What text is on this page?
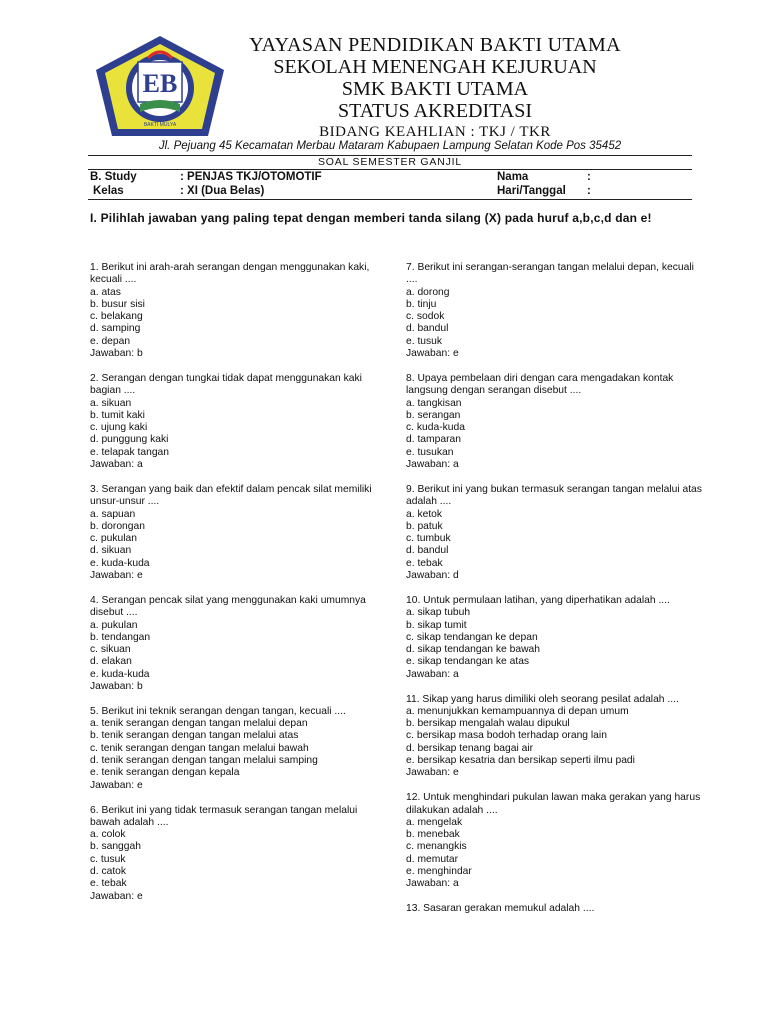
EB
BAKTI MULYA
YAYASAN PENDIDIKAN BAKTI UTAMA
SEKOLAH MENENGAH KEJURUAN
SMK BAKTI UTAMA
STATUS AKREDITASI
BIDANG KEAHLIAN : TKJ / TKR
Jl. Pejuang 45 Kecamatan Merbau Mataram Kabupaen Lampung Selatan Kode Pos 35452
SOAL SEMESTER GANJIL
B. Study	: PENJAS TKJ/OTOMOTIF	Nama	:
Kelas	: XI (Dua Belas)	Hari/Tanggal :
I. Pilihlah jawaban yang paling tepat dengan memberi tanda silang (X) pada huruf a,b,c,d dan e!
1. Berikut ini arah-arah serangan dengan menggunakan kaki, kecuali ....
a. atas
b. busur sisi
c. belakang
d. samping
e. depan
Jawaban: b
2. Serangan dengan tungkai tidak dapat menggunakan kaki bagian ....
a. sikuan
b. tumit kaki
c. ujung kaki
d. punggung kaki
e. telapak tangan
Jawaban: a
3. Serangan yang baik dan efektif dalam pencak silat memiliki unsur-unsur ....
a. sapuan
b. dorongan
c. pukulan
d. sikuan
e. kuda-kuda
Jawaban: e
4. Serangan pencak silat yang menggunakan kaki umumnya disebut ....
a. pukulan
b. tendangan
c. sikuan
d. elakan
e. kuda-kuda
Jawaban: b
5. Berikut ini teknik serangan dengan tangan, kecuali ....
a. tenik serangan dengan tangan melalui depan
b. tenik serangan dengan tangan melalui atas
c. tenik serangan dengan tangan melalui bawah
d. tenik serangan dengan tangan melalui samping
e. tenik serangan dengan kepala
Jawaban: e
6. Berikut ini yang tidak termasuk serangan tangan melalui bawah adalah ....
a. colok
b. sanggah
c. tusuk
d. catok
e. tebak
Jawaban: e
7. Berikut ini serangan-serangan tangan melalui depan, kecuali ....
a. dorong
b. tinju
c. sodok
d. bandul
e. tusuk
Jawaban: e
8. Upaya pembelaan diri dengan cara mengadakan kontak langsung dengan serangan disebut ....
a. tangkisan
b. serangan
c. kuda-kuda
d. tamparan
e. tusukan
Jawaban: a
9. Berikut ini yang bukan termasuk serangan tangan melalui atas adalah ....
a. ketok
b. patuk
c. tumbuk
d. bandul
e. tebak
Jawaban: d
10. Untuk permulaan latihan, yang diperhatikan adalah ....
a. sikap tubuh
b. sikap tumit
c. sikap tendangan ke depan
d. sikap tendangan ke bawah
e. sikap tendangan ke atas
Jawaban: a
11. Sikap yang harus dimiliki oleh seorang pesilat adalah ....
a. menunjukkan kemampuannya di depan umum
b. bersikap mengalah walau dipukul
c. bersikap masa bodoh terhadap orang lain
d. bersikap tenang bagai air
e. bersikap kesatria dan bersikap seperti ilmu padi
Jawaban: e
12. Untuk menghindari pukulan lawan maka gerakan yang harus dilakukan adalah ....
a. mengelak
b. menebak
c. menangkis
d. memutar
e. menghindar
Jawaban: a
13. Sasaran gerakan memukul adalah ....
